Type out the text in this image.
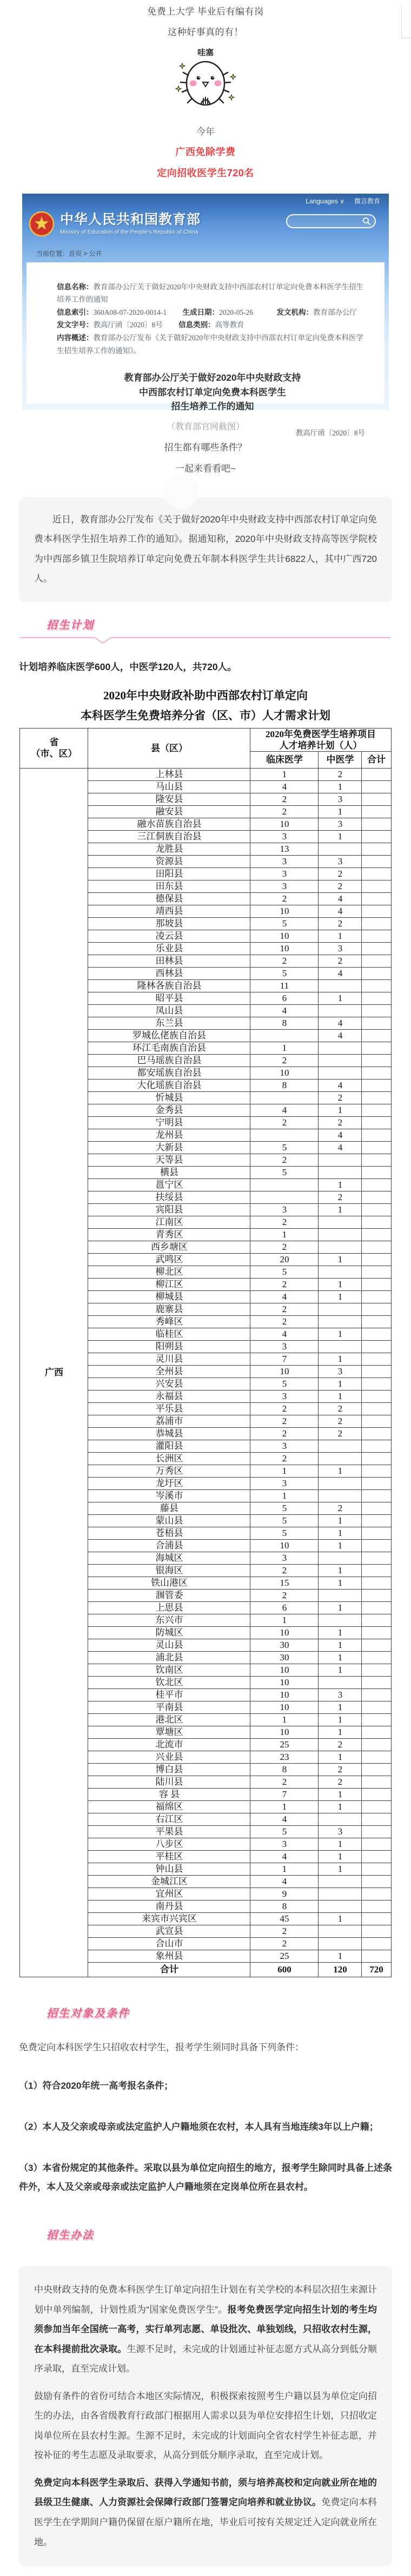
免费上大学 毕业后有编有岗
这种好事真的有！
哇塞
今年
广西免除学费
定向招收医学生720名
Languages ∨ 微言教育
中华人民共和国教育部
Ministry of Education of the People's Republic of China
当前位置：首页 > 公开
信息名称：教育部办公厅关于做好2020年中央财政支持中西部农村订单定向免费本科医学生招生培养工作的通知
信息索引：360A08-07-2020-0014-1 生成日期：2020-05-26	发文机构：教育部办公厅
发文字号：教高厅函〔2020〕8号 信息类别：高等教育
内容概述：教育部办公厅发布《关于做好2020年中央财政支持中西部农村订单定向免费本科医学生招生培养工作的通知》。
教育部办公厅关于做好2020年中央财政支持
中西部农村订单定向免费本科医学生
招生培养工作的通知
教高厅函〔2020〕8号
（教育部官网截图）
招生都有哪些条件？
一起来看看吧~

近日，教育部办公厅发布《关于做好2020年中央财政支持中西部农村订单定向免费本科医学生招生培养工作的通知》。据通知称，2020年中央财政支持高等医学院校为中西部乡镇卫生院培养订单定向免费五年制本科医学生共计6822人，其中广西720人。

招生计划
计划培养临床医学600人，中医学120人，共720人。
2020年中央财政补助中西部农村订单定向
本科医学生免费培养分省（区、市）人才需求计划
省
（市、区）	县（区）	2020年免费医学生培养项目
人才培养计划（人）		
		临床医学	中医学	合计
广西	上林县	1	2	
	马山县	4	1	
	隆安县	2	3	
	融安县	2	1	
	融水苗族自治县	10	3	
	三江侗族自治县	3	1	
	龙胜县	13		
	资源县	3	3	
	田阳县	3	2	
	田东县	3	2	
	德保县	2	4	
	靖西县	10	4	
	那坡县	5	2	
	凌云县	10	1	
	乐业县	10	3	
	田林县	2	2	
	西林县	5	4	
	隆林各族自治县	11		
	昭平县	6	1	
	凤山县	4		
	东兰县	8	4	
	罗城仫佬族自治县		4	
	环江毛南族自治县	1		
	巴马瑶族自治县	2		
	都安瑶族自治县	10		
	大化瑶族自治县	8	4	
	忻城县		2	
	金秀县	4	1	
	宁明县	2	2	
	龙州县		4	
	大新县	5	4	
	天等县	2		
	横县	5		
	邕宁区		1	
	扶绥县		2	
	宾阳县	3	1	
	江南区	2		
	青秀区	1		
	西乡塘区	2		
	武鸣区	20	1	
	柳北区	5		
	柳江区	2	1	
	柳城县	4	1	
	鹿寨县	2		
	秀峰区	2		
	临桂区	4	1	
	阳朔县	3		
	灵川县	7	1	
	全州县	10	3	
	兴安县	5	1	
	永福县	3	1	
	平乐县	2	2	
	荔浦市	2	2	
	恭城县	2	2	
	灌阳县	3		
	长洲区	2		
	万秀区	1	1	
	龙圩区	3		
	岑溪市	1		
	藤县	5	2	
	蒙山县	5	1	
	苍梧县	5	1	
	合浦县	10	1	
	海城区	3		
	银海区	2	1	
	铁山港区	15	1	
	涠管委	2		
	上思县	6	1	
	东兴市	1		
	防城区	10	1	
	灵山县	30	1	
	浦北县	30	1	
	钦南区	10	1	
	钦北区	10		
	桂平市	10	3	
	平南县	10	1	
	港北区	1	1	
	覃塘区	10	1	
	北流市	25	2	
	兴业县	23	1	
	博白县	8	2	
	陆川县	2	2	
	容 县	7	1	
	福绵区	1	1	
	右江区	4		
	平果县	5	3	
	八步区	3	1	
	平桂区	4	1	
	钟山县	1	1	
	金城江区	4		
	宜州区	9		
	南丹县	8		
	来宾市兴宾区	45	1	
	武宣县	2		
	合山市	2		
	象州县	25	1	
	合计	600	120	720
招生对象及条件
免费定向本科医学生只招收农村学生，报考学生须同时具备下列条件：
（1）符合2020年统一高考报名条件；
（2）本人及父亲或母亲或法定监护人户籍地须在农村，本人具有当地连续3年以上户籍；
（3）本省份规定的其他条件。采取以县为单位定向招生的地方，报考学生除同时具备上述条件外，本人及父亲或母亲或法定监护人户籍地须在定岗单位所在县农村。
招生办法

中央财政支持的免费本科医学生订单定向招生计划在有关学校的本科层次招生来源计划中单列编制，计划性质为“国家免费医学生”。报考免费医学定向招生计划的考生均须参加当年全国统一高考，实行单列志愿、单设批次、单独划线，只招收农村生源，在本科提前批次录取。生源不足时，未完成的计划通过补征志愿方式从高分到低分顺序录取，直至完成计划。

鼓励有条件的省份可结合本地区实际情况，积极探索按照考生户籍以县为单位定向招生的办法，由各省级教育行政部门根据用人需求以县为单位安排招生计划，只招收定岗单位所在县农村生源。生源不足时，未完成的计划面向全省农村学生补征志愿，并按补征的考生志愿及录取要求，从高分到低分顺序录取，直至完成计划。

免费定向本科医学生录取后、获得入学通知书前，须与培养高校和定向就业所在地的县级卫生健康、人力资源社会保障行政部门签署定向培养和就业协议。免费定向本科医学生在学期间户籍仍保留在原户籍所在地，毕业后可按有关规定迁入定向就业所在地。
